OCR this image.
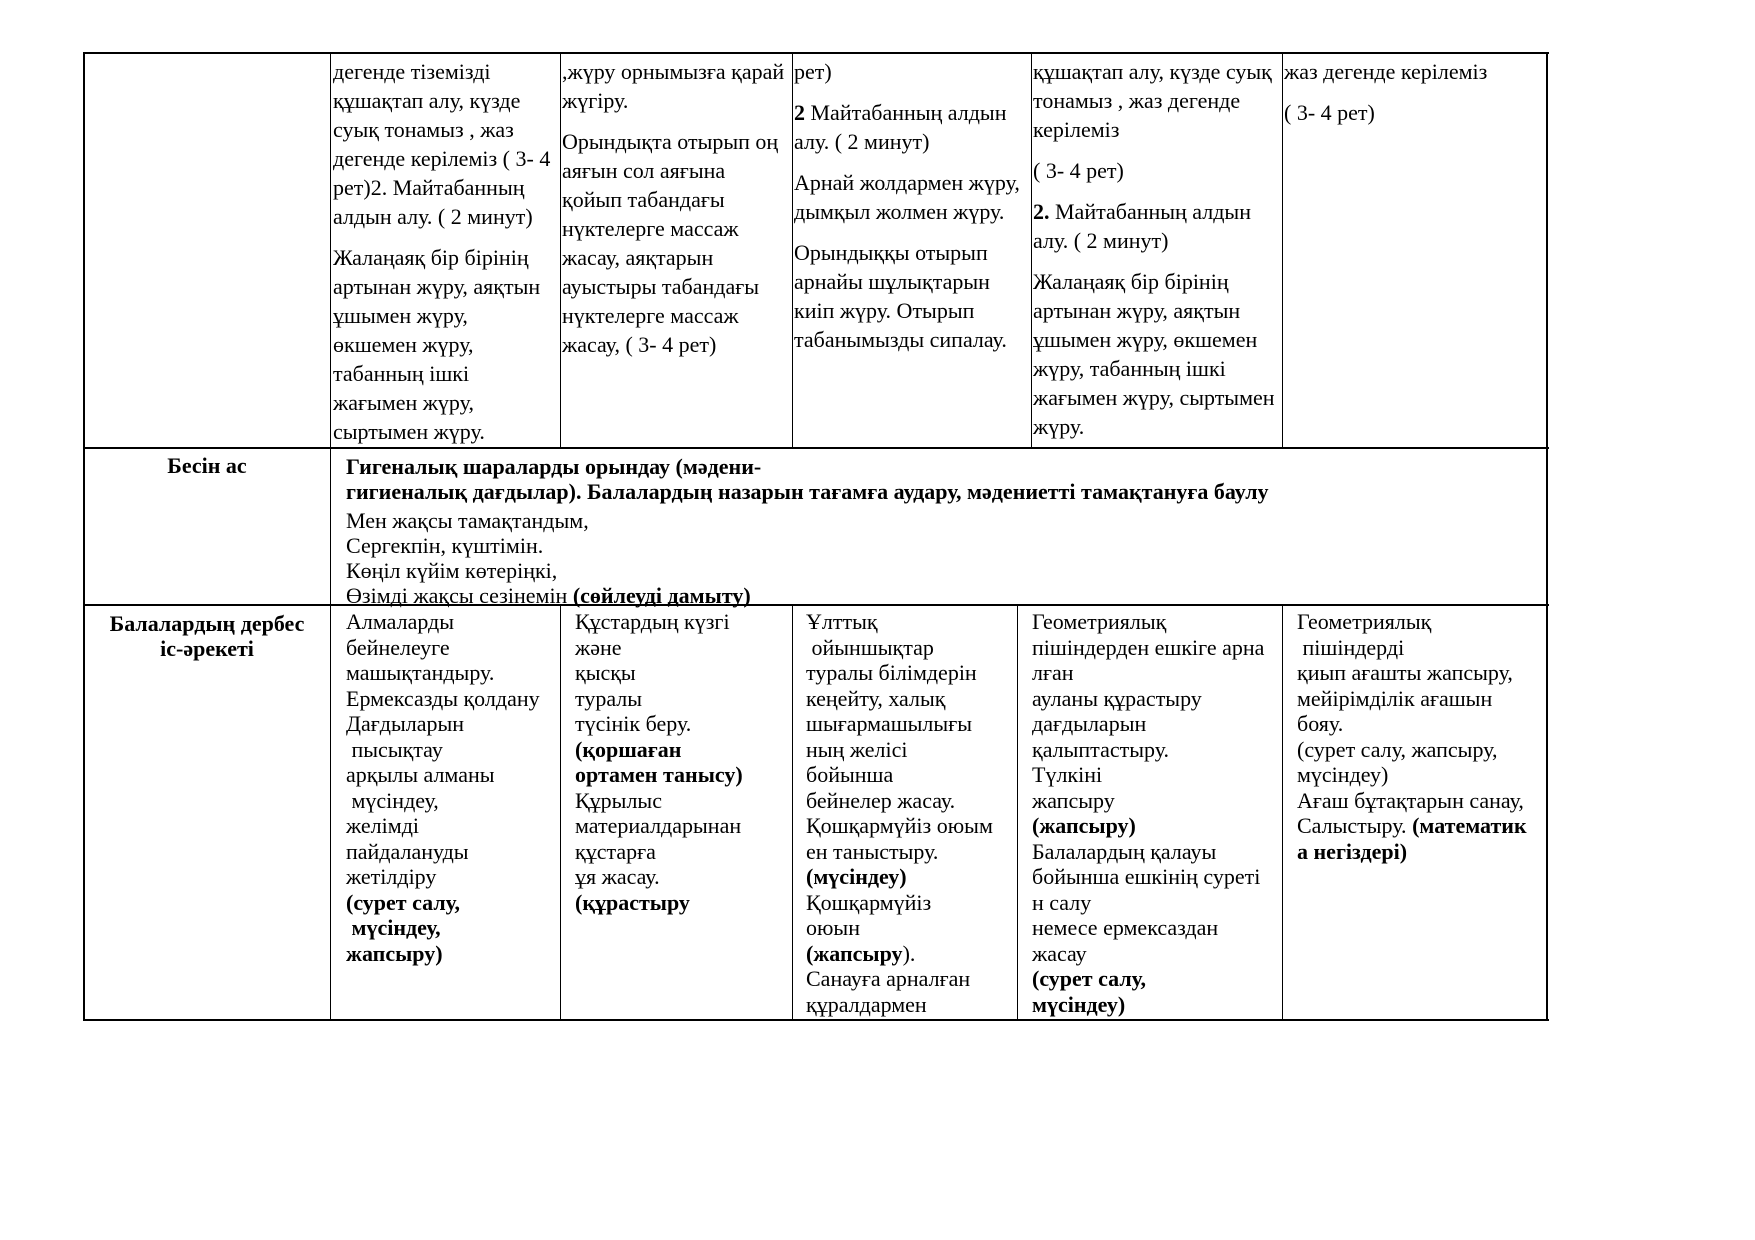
дегенде тіземізді
құшақтап алу, күзде
суық тонамыз , жаз
дегенде керілеміз ( 3- 4
рет)2. Майтабанның
алдын алу. ( 2 минут)
Жалаңаяқ бір бірінің
артынан жүру, аяқтын
ұшымен жүру,
өкшемен жүру,
табанның ішкі
жағымен жүру,
сыртымен жүру.
,жүру орнымызға қарай
жүгіру.
Орындықта отырып оң
аяғын сол аяғына
қойып табандағы
нүктелерге массаж
жасау, аяқтарын
ауыстыры табандағы
нүктелерге массаж
жасау, ( 3- 4 рет)
рет)
2 Майтабанның алдын
алу. ( 2 минут)
Арнай жолдармен жүру,
дымқыл жолмен жүру.
Орындыққы отырып
арнайы шұлықтарын
киіп жүру. Отырып
табанымызды сипалау.
құшақтап алу, күзде суық
тонамыз , жаз дегенде
керілеміз
( 3- 4 рет)
2. Майтабанның алдын
алу. ( 2 минут)
Жалаңаяқ бір бірінің
артынан жүру, аяқтын
ұшымен жүру, өкшемен
жүру, табанның ішкі
жағымен жүру, сыртымен
жүру.
жаз дегенде керілеміз
( 3- 4 рет)
Бесін ас	Гигеналық шараларды орындау (мәдени-
гигиеналық дағдылар). Балалардың назарын тағамға аудару, мәдениетті тамақтануға баулу
Мен жақсы тамақтандым,
Сергекпін, күштімін.
Көңіл күйім көтеріңкі,
Өзімді жақсы сезінемін (сөйлеуді дамыту)
Балалардың дербес
іс-әрекеті
Алмаларды
бейнелеуге
машықтандыру.
Ермексазды қолдану
Дағдыларын
пысықтау
арқылы алманы
мүсіндеу,
желімді
пайдалануды
жетілдіру
(сурет салу,
мүсіндеу,
жапсыру)
Құстардың күзгі
және
қысқы
туралы
түсінік беру.
(қоршаған
ортамен танысу)
Құрылыс
материалдарынан
құстарға
ұя жасау.
(құрастыру
Ұлттық
ойыншықтар
туралы білімдерін
кеңейту, халық
шығармашылығы
ның желісі
бойынша
бейнелер жасау.
Қошқармүйіз оюым
ен таныстыру.
(мүсіндеу)
Қошқармүйіз
оюын
(жапсыру).
Санауға арналған
құралдармен
Геометриялық
пішіндерден ешкіге арна
лған
ауланы құрастыру
дағдыларын
қалыптастыру.
Түлкіні
жапсыру
(жапсыру)
Балалардың қалауы
бойынша ешкінің суреті
н салу
немесе ермексаздан
жасау
(сурет салу,
мүсіндеу)
Геометриялық
пішіндерді
қиып ағашты жапсыру,
мейірімділік ағашын
бояу.
(сурет салу, жапсыру,
мүсіндеу)
Ағаш бұтақтарын санау,
Салыстыру. (математик
а негіздері)
